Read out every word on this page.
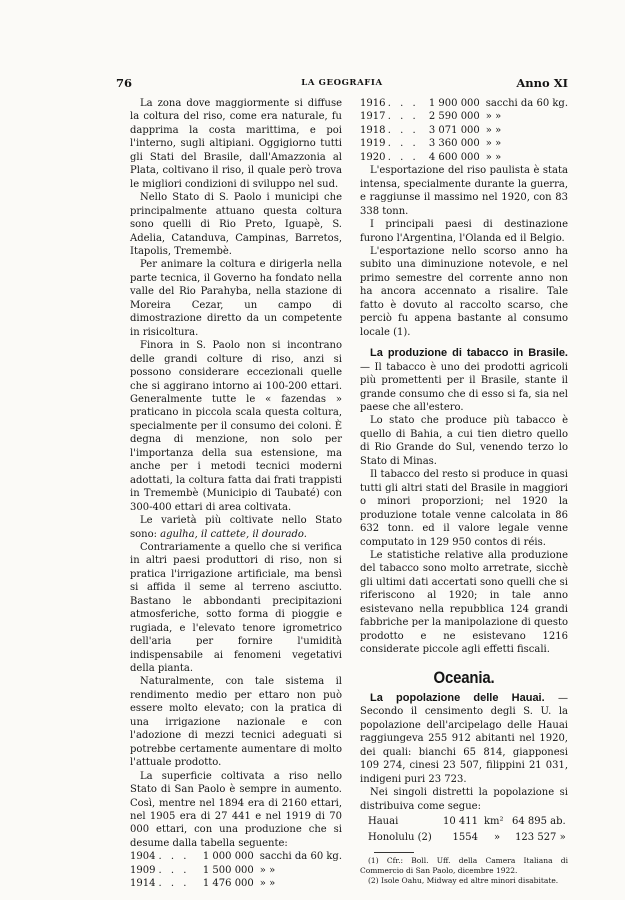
76	LA GEOGRAFIA	Anno XI

La zona dove maggiormente si diffuse la coltura del riso, come era naturale, fu dapprima la costa marittima, e poi l'interno, sugli altipiani. Oggigiorno tutti gli Stati del Brasile, dall'Amazzonia al Plata, coltivano il riso, il quale però trova le migliori condizioni di sviluppo nel sud.

Nello Stato di S. Paolo i municipi che principalmente attuano questa coltura sono quelli di Rio Preto, Iguapè, S. Adelia, Catanduva, Campinas, Barretos, Itapolis, Tremembè.

Per animare la coltura e dirigerla nella parte tecnica, il Governo ha fondato nella valle del Rio Parahyba, nella stazione di Moreira Cezar, un campo di dimostrazione diretto da un competente in risicoltura.

Finora in S. Paolo non si incontrano delle grandi colture di riso, anzi si possono considerare eccezionali quelle che si aggirano intorno ai 100-200 ettari. Generalmente tutte le « fazendas » praticano in piccola scala questa coltura, specialmente per il consumo dei coloni. È degna di menzione, non solo per l'importanza della sua estensione, ma anche per i metodi tecnici moderni adottati, la coltura fatta dai frati trappisti in Tremembè (Municipio di Taubaté) con 300-400 ettari di area coltivata.

Le varietà più coltivate nello Stato sono: agulha, il cattete, il dourado.

Contrariamente a quello che si verifica in altri paesi produttori di riso, non si pratica l'irrigazione artificiale, ma bensì si affida il seme al terreno asciutto. Bastano le abbondanti precipitazioni atmosferiche, sotto forma di pioggie e rugiada, e l'elevato tenore igrometrico dell'aria per fornire l'umidità indispensabile ai fenomeni vegetativi della pianta.

Naturalmente, con tale sistema il rendimento medio per ettaro non può essere molto elevato; con la pratica di una irrigazione nazionale e con l'adozione di mezzi tecnici adeguati si potrebbe certamente aumentare di molto l'attuale prodotto.

La superficie coltivata a riso nello Stato di San Paolo è sempre in aumento. Così, mentre nel 1894 era di 2160 ettari, nel 1905 era di 27 441 e nel 1919 di 70 000 ettari, con una produzione che si desume dalla tabella seguente:

1904	. . .	1 000 000	sacchi da 60 kg.
1909	. . .	1 500 000	» »
1914	. . .	1 476 000	» »
1916	. . .	1 900 000	sacchi da 60 kg.
1917	. . .	2 590 000	» »
1918	. . .	3 071 000	» »
1919	. . .	3 360 000	» »
1920	. . .	4 600 000	» »

L'esportazione del riso paulista è stata intensa, specialmente durante la guerra, e raggiunse il massimo nel 1920, con 83 338 tonn.

I principali paesi di destinazione furono l'Argentina, l'Olanda ed il Belgio.

L'esportazione nello scorso anno ha subito una diminuzione notevole, e nel primo semestre del corrente anno non ha ancora accennato a risalire. Tale fatto è dovuto al raccolto scarso, che perciò fu appena bastante al consumo locale (1).

La produzione di tabacco in Brasile. — Il tabacco è uno dei prodotti agricoli più promettenti per il Brasile, stante il grande consumo che di esso si fa, sia nel paese che all'estero.

Lo stato che produce più tabacco è quello di Bahia, a cui tien dietro quello di Rio Grande do Sul, venendo terzo lo Stato di Minas.

Il tabacco del resto si produce in quasi tutti gli altri stati del Brasile in maggiori o minori proporzioni; nel 1920 la produzione totale venne calcolata in 86 632 tonn. ed il valore legale venne computato in 129 950 contos di réis.

Le statistiche relative alla produzione del tabacco sono molto arretrate, sicchè gli ultimi dati accertati sono quelli che si riferiscono al 1920; in tale anno esistevano nella repubblica 124 grandi fabbriche per la manipolazione di questo prodotto e ne esistevano 1216 considerate piccole agli effetti fiscali.

Oceania.

La popolazione delle Hauai. — Secondo il censimento degli S. U. la popolazione dell'arcipelago delle Hauai raggiungeva 255 912 abitanti nel 1920, dei quali: bianchi 65 814, giapponesi 109 274, cinesi 23 507, filippini 21 031, indigeni puri 23 723.

Nei singoli distretti la popolazione si distribuiva come segue:

Hauai	10 411	km²	64 895 ab.
Honolulu (2)	1554	»	123 527 »

(1) Cfr.: Boll. Uff. della Camera Italiana di Commercio di San Paolo, dicembre 1922.

(2) Isole Oahu, Midway ed altre minori disabitate.
